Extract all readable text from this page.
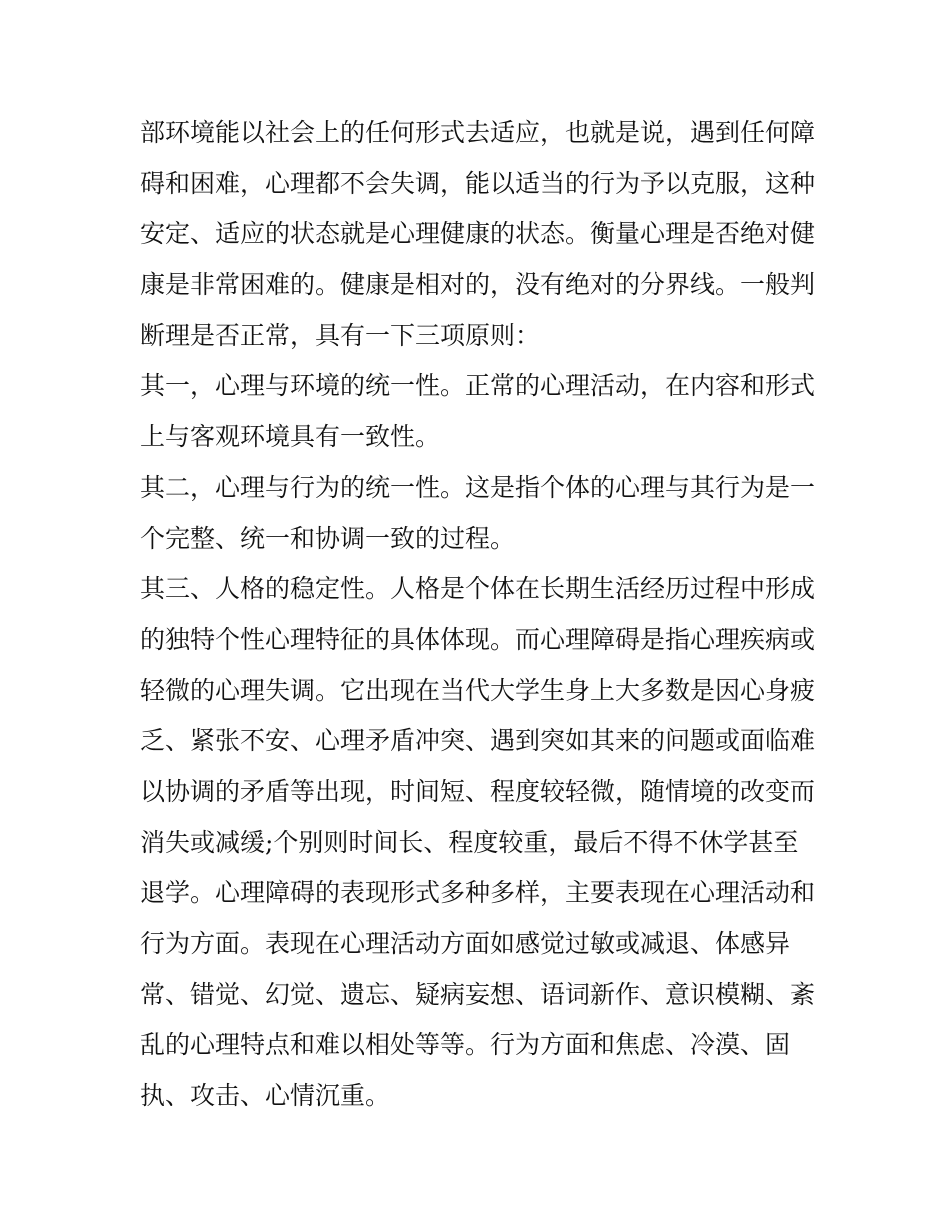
部环境能以社会上的任何形式去适应，也就是说，遇到任何障
碍和困难，心理都不会失调，能以适当的行为予以克服，这种
安定、适应的状态就是心理健康的状态。衡量心理是否绝对健
康是非常困难的。健康是相对的，没有绝对的分界线。一般判
断理是否正常，具有一下三项原则：
其一，心理与环境的统一性。正常的心理活动，在内容和形式
上与客观环境具有一致性。
其二，心理与行为的统一性。这是指个体的心理与其行为是一
个完整、统一和协调一致的过程。
其三、人格的稳定性。人格是个体在长期生活经历过程中形成
的独特个性心理特征的具体体现。而心理障碍是指心理疾病或
轻微的心理失调。它出现在当代大学生身上大多数是因心身疲
乏、紧张不安、心理矛盾冲突、遇到突如其来的问题或面临难
以协调的矛盾等出现，时间短、程度较轻微，随情境的改变而
消失或减缓;个别则时间长、程度较重，最后不得不休学甚至
退学。心理障碍的表现形式多种多样，主要表现在心理活动和
行为方面。表现在心理活动方面如感觉过敏或减退、体感异
常、错觉、幻觉、遗忘、疑病妄想、语词新作、意识模糊、紊
乱的心理特点和难以相处等等。行为方面和焦虑、冷漠、固
执、攻击、心情沉重。
